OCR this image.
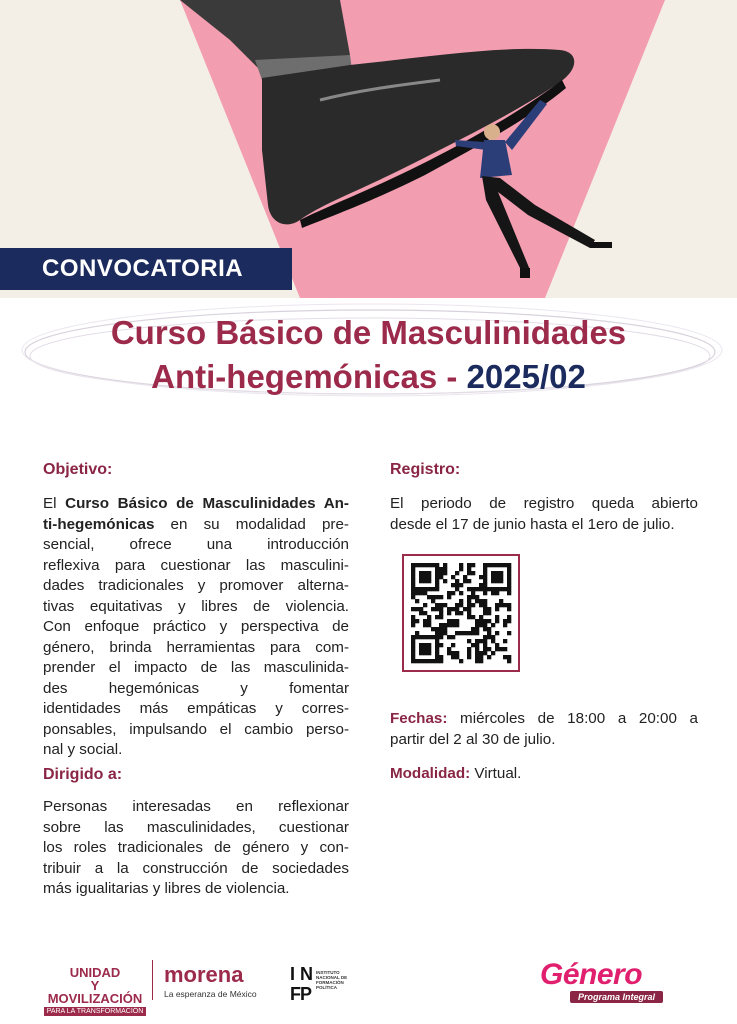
CONVOCATORIA
Curso Básico de Masculinidades
Anti-hegemónicas - 2025/02
Objetivo:
El Curso Básico de Masculinidades An-
ti-hegemónicas en su modalidad pre-
sencial, ofrece una introducción
reflexiva para cuestionar las masculini-
dades tradicionales y promover alterna-
tivas equitativas y libres de violencia.
Con enfoque práctico y perspectiva de
género, brinda herramientas para com-
prender el impacto de las masculinida-
des        hegemónicas        y        fomentar
identidades más empáticas y corres-
ponsables, impulsando el cambio perso-
nal y social.
Dirigido a:
Personas interesadas en reflexionar
sobre las masculinidades, cuestionar
los roles tradicionales de género y con-
tribuir a la construcción de sociedades
más igualitarias y libres de violencia.
Registro:
El periodo de registro queda abierto
desde el 17 de junio hasta el 1ero de julio.
Fechas: miércoles de 18:00 a 20:00 a
partir del 2 al 30 de julio.
Modalidad: Virtual.
UNIDAD
Y MOVILIZACIÓN
PARA LA TRANSFORMACIÓN
morena
La esperanza de México
I N
F P
INSTITUTO NACIONAL DE FORMACIÓN POLÍTICA	Género
Programa Integral
